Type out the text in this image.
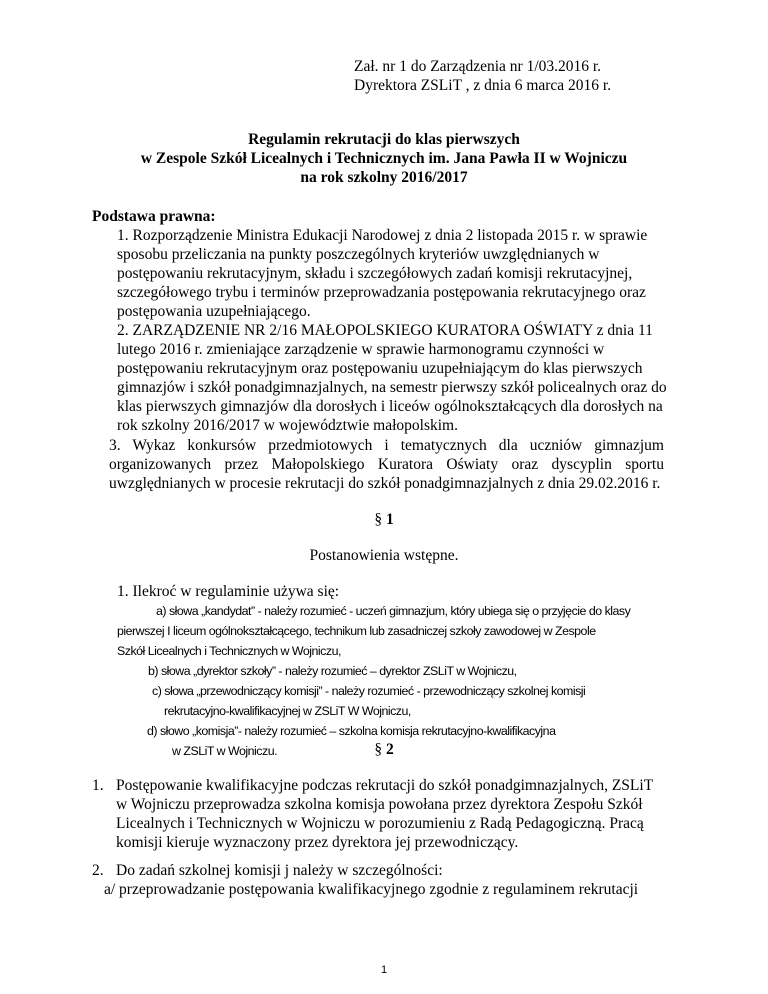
Zał. nr 1 do Zarządzenia nr 1/03.2016 r.
Dyrektora ZSLiT , z dnia 6 marca 2016 r.
Regulamin rekrutacji do klas pierwszych
w Zespole Szkół Licealnych i Technicznych im. Jana Pawła II w Wojniczu
na rok szkolny 2016/2017
Podstawa prawna:
1. Rozporządzenie Ministra Edukacji Narodowej z dnia 2 listopada 2015 r. w sprawie
sposobu przeliczania na punkty poszczególnych kryteriów uwzględnianych w
postępowaniu rekrutacyjnym, składu i szczegółowych zadań komisji rekrutacyjnej,
szczegółowego trybu i terminów przeprowadzania postępowania rekrutacyjnego oraz
postępowania uzupełniającego.
2. ZARZĄDZENIE NR 2/16 MAŁOPOLSKIEGO KURATORA OŚWIATY z dnia 11
lutego 2016 r. zmieniające zarządzenie w sprawie harmonogramu czynności w
postępowaniu rekrutacyjnym oraz postępowaniu uzupełniającym do klas pierwszych
gimnazjów i szkół ponadgimnazjalnych, na semestr pierwszy szkół policealnych oraz do
klas pierwszych gimnazjów dla dorosłych i liceów ogólnokształcących dla dorosłych na
rok szkolny 2016/2017 w województwie małopolskim.
3. Wykaz konkursów przedmiotowych i tematycznych dla uczniów gimnazjum
organizowanych przez Małopolskiego Kuratora Oświaty oraz dyscyplin sportu
uwzględnianych w procesie rekrutacji do szkół ponadgimnazjalnych z dnia 29.02.2016 r.
§ 1
Postanowienia wstępne.
1. Ilekroć w regulaminie używa się:
a) słowa „kandydat” - należy rozumieć - uczeń gimnazjum, który ubiega się o przyjęcie do klasy
pierwszej I liceum ogólnokształcącego, technikum lub zasadniczej szkoły zawodowej w Zespole
Szkół Licealnych i Technicznych w Wojniczu,
b) słowa „dyrektor szkoły” - należy rozumieć – dyrektor ZSLiT w Wojniczu,
c) słowa „przewodniczący komisji” - należy rozumieć - przewodniczący szkolnej komisji
rekrutacyjno-kwalifikacyjnej w ZSLiT W Wojniczu,
d) słowo „komisja”- należy rozumieć – szkolna komisja rekrutacyjno-kwalifikacyjna
w ZSLiT w Wojniczu.	§ 2
1. Postępowanie kwalifikacyjne podczas rekrutacji do szkół ponadgimnazjalnych, ZSLiT
w Wojniczu przeprowadza szkolna komisja powołana przez dyrektora Zespołu Szkół
Licealnych i Technicznych w Wojniczu w porozumieniu z Radą Pedagogiczną. Pracą
komisji kieruje wyznaczony przez dyrektora jej przewodniczący.
2. Do zadań szkolnej komisji j należy w szczególności:
a/ przeprowadzanie postępowania kwalifikacyjnego zgodnie z regulaminem rekrutacji
1
